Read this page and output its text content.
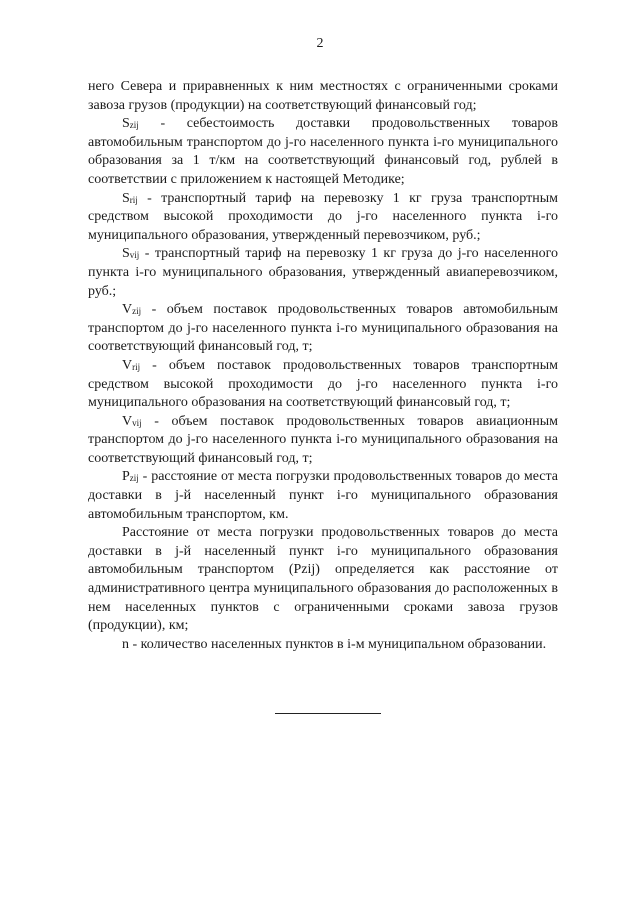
2

него Севера и приравненных к ним местностях с ограниченными сроками завоза грузов (продукции) на соответствующий финансовый год;

$S_{zij}$ - себестоимость доставки продовольственных товаров автомобильным транспортом до j-го населенного пункта i-го муниципального образования за 1 т/км на соответствующий финансовый год, рублей в соответствии с приложением к настоящей Методике;

$S_{rij}$ - транспортный тариф на перевозку 1 кг груза транспортным средством высокой проходимости до j-го населенного пункта i-го муниципального образования, утвержденный перевозчиком, руб.;

$S_{vij}$ - транспортный тариф на перевозку 1 кг груза до j-го населенного пункта i-го муниципального образования, утвержденный авиаперевозчиком, руб.;

$V_{zij}$ - объем поставок продовольственных товаров автомобильным транспортом до j-го населенного пункта i-го муниципального образования на соответствующий финансовый год, т;

$V_{rij}$ - объем поставок продовольственных товаров транспортным средством высокой проходимости до j-го населенного пункта i-го муниципального образования на соответствующий финансовый год, т;

$V_{vij}$ - объем поставок продовольственных товаров авиационным транспортом до j-го населенного пункта i-го муниципального образования на соответствующий финансовый год, т;

$P_{zij}$ - расстояние от места погрузки продовольственных товаров до места доставки в j-й населенный пункт i-го муниципального образования автомобильным транспортом, км.

Расстояние от места погрузки продовольственных товаров до места доставки в j-й населенный пункт i-го муниципального образования автомобильным транспортом (Pzij) определяется как расстояние от административного центра муниципального образования до расположенных в нем населенных пунктов с ограниченными сроками завоза грузов (продукции), км;

n - количество населенных пунктов в i-м муниципальном образовании.
